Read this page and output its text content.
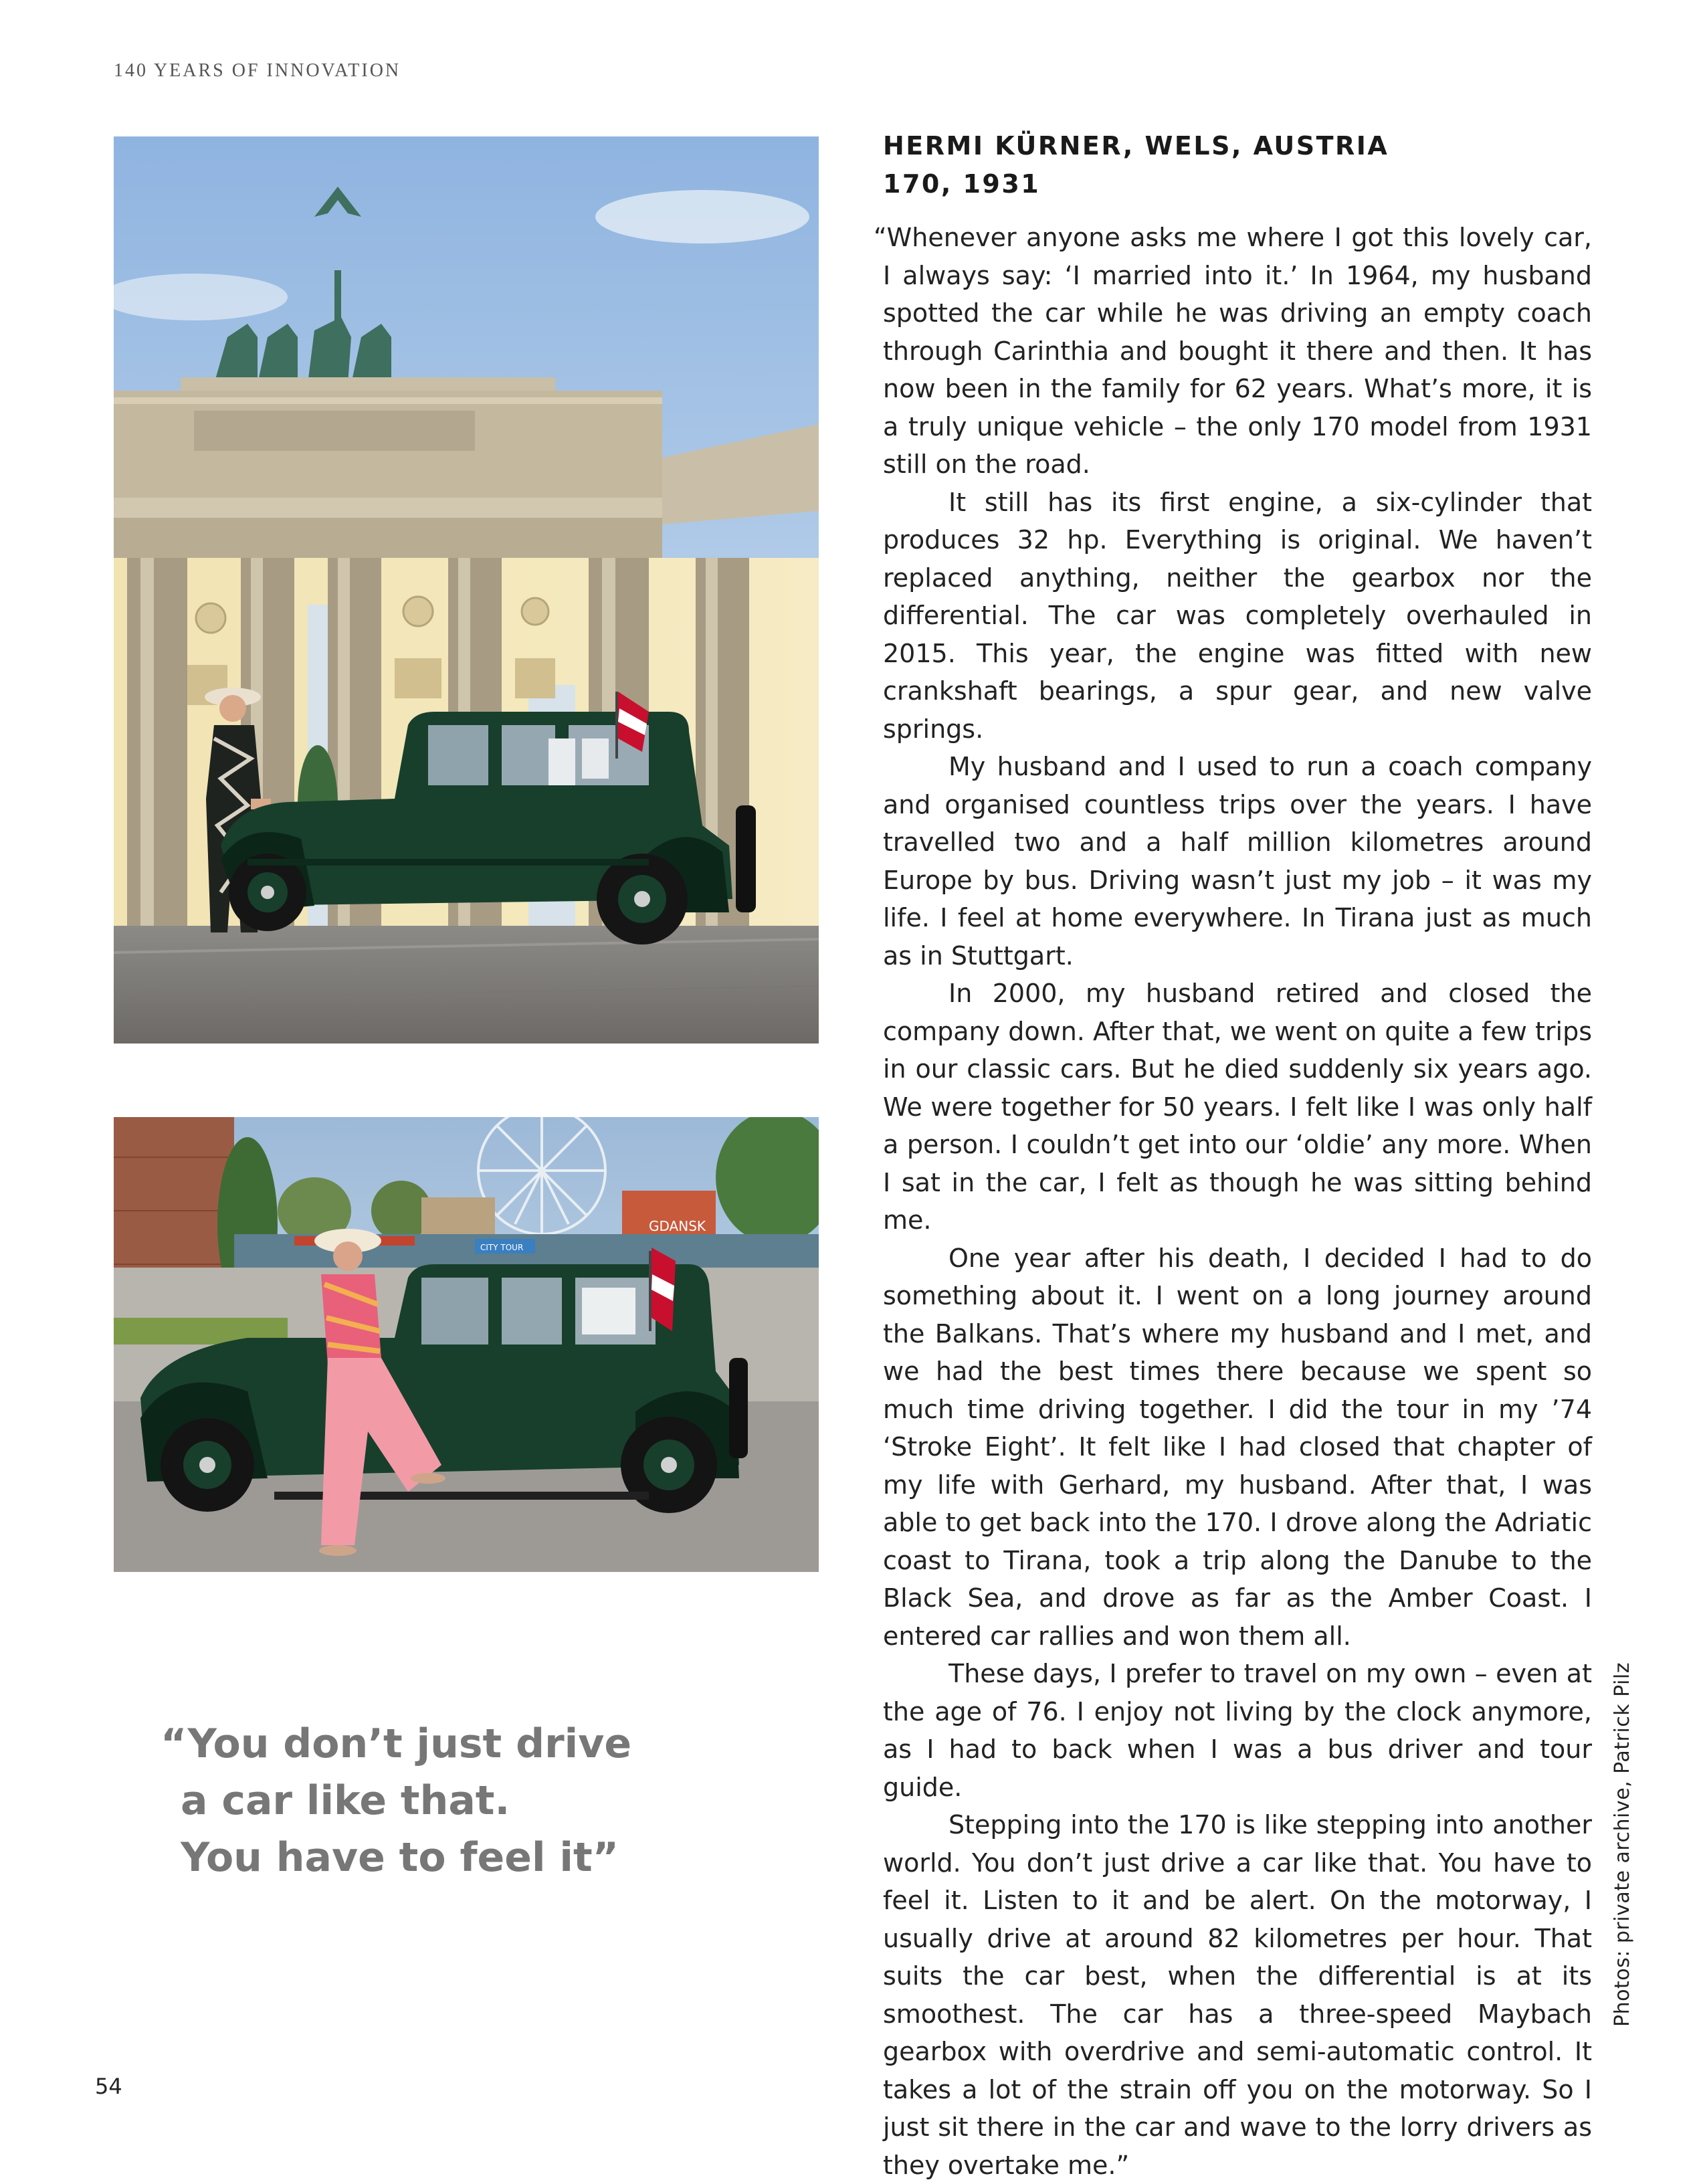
140 YEARS OF INNOVATION
GDANSK
CITY TOUR
“You don’t just drive
a car like that.
You have to feel it”
HERMI KÜRNER, WELS, AUSTRIA
170, 1931

“Whenever anyone asks me where I got this lovely car, I always say: ‘I married into it.’ In 1964, my husband spotted the car while he was driving an empty coach through Carinthia and bought it there and then. It has now been in the family for 62 years. What’s more, it is a truly unique vehicle – the only 170 model from 1931 still on the road.

It still has its first engine, a six-cylinder that produces 32 hp. Everything is original. We haven’t replaced anything, neither the gearbox nor the differential. The car was completely overhauled in 2015. This year, the engine was fitted with new crankshaft bearings, a spur gear, and new valve springs.

My husband and I used to run a coach company and organised countless trips over the years. I have travelled two and a half million kilometres around Europe by bus. Driving wasn’t just my job – it was my life. I feel at home everywhere. In Tirana just as much as in Stuttgart.

In 2000, my husband retired and closed the company down. After that, we went on quite a few trips in our classic cars. But he died suddenly six years ago. We were together for 50 years. I felt like I was only half a person. I couldn’t get into our ‘oldie’ any more. When I sat in the car, I felt as though he was sitting behind me.

One year after his death, I decided I had to do something about it. I went on a long journey around the Balkans. That’s where my husband and I met, and we had the best times there because we spent so much time driving together. I did the tour in my ’74 ‘Stroke Eight’. It felt like I had closed that chapter of my life with Gerhard, my husband. After that, I was able to get back into the 170. I drove along the Adriatic coast to Tirana, took a trip along the Danube to the Black Sea, and drove as far as the Amber Coast. I entered car rallies and won them all.

These days, I prefer to travel on my own – even at the age of 76. I enjoy not living by the clock anymore, as I had to back when I was a bus driver and tour guide.

Stepping into the 170 is like stepping into another world. You don’t just drive a car like that. You have to feel it. Listen to it and be alert. On the motorway, I usually drive at around 82 kilometres per hour. That suits the car best, when the differential is at its smoothest. The car has a three-speed Maybach gearbox with overdrive and semi-automatic control. It takes a lot of the strain off you on the motorway. So I just sit there in the car and wave to the lorry drivers as they overtake me.”

Photos: private archive, Patrick Pilz
54
